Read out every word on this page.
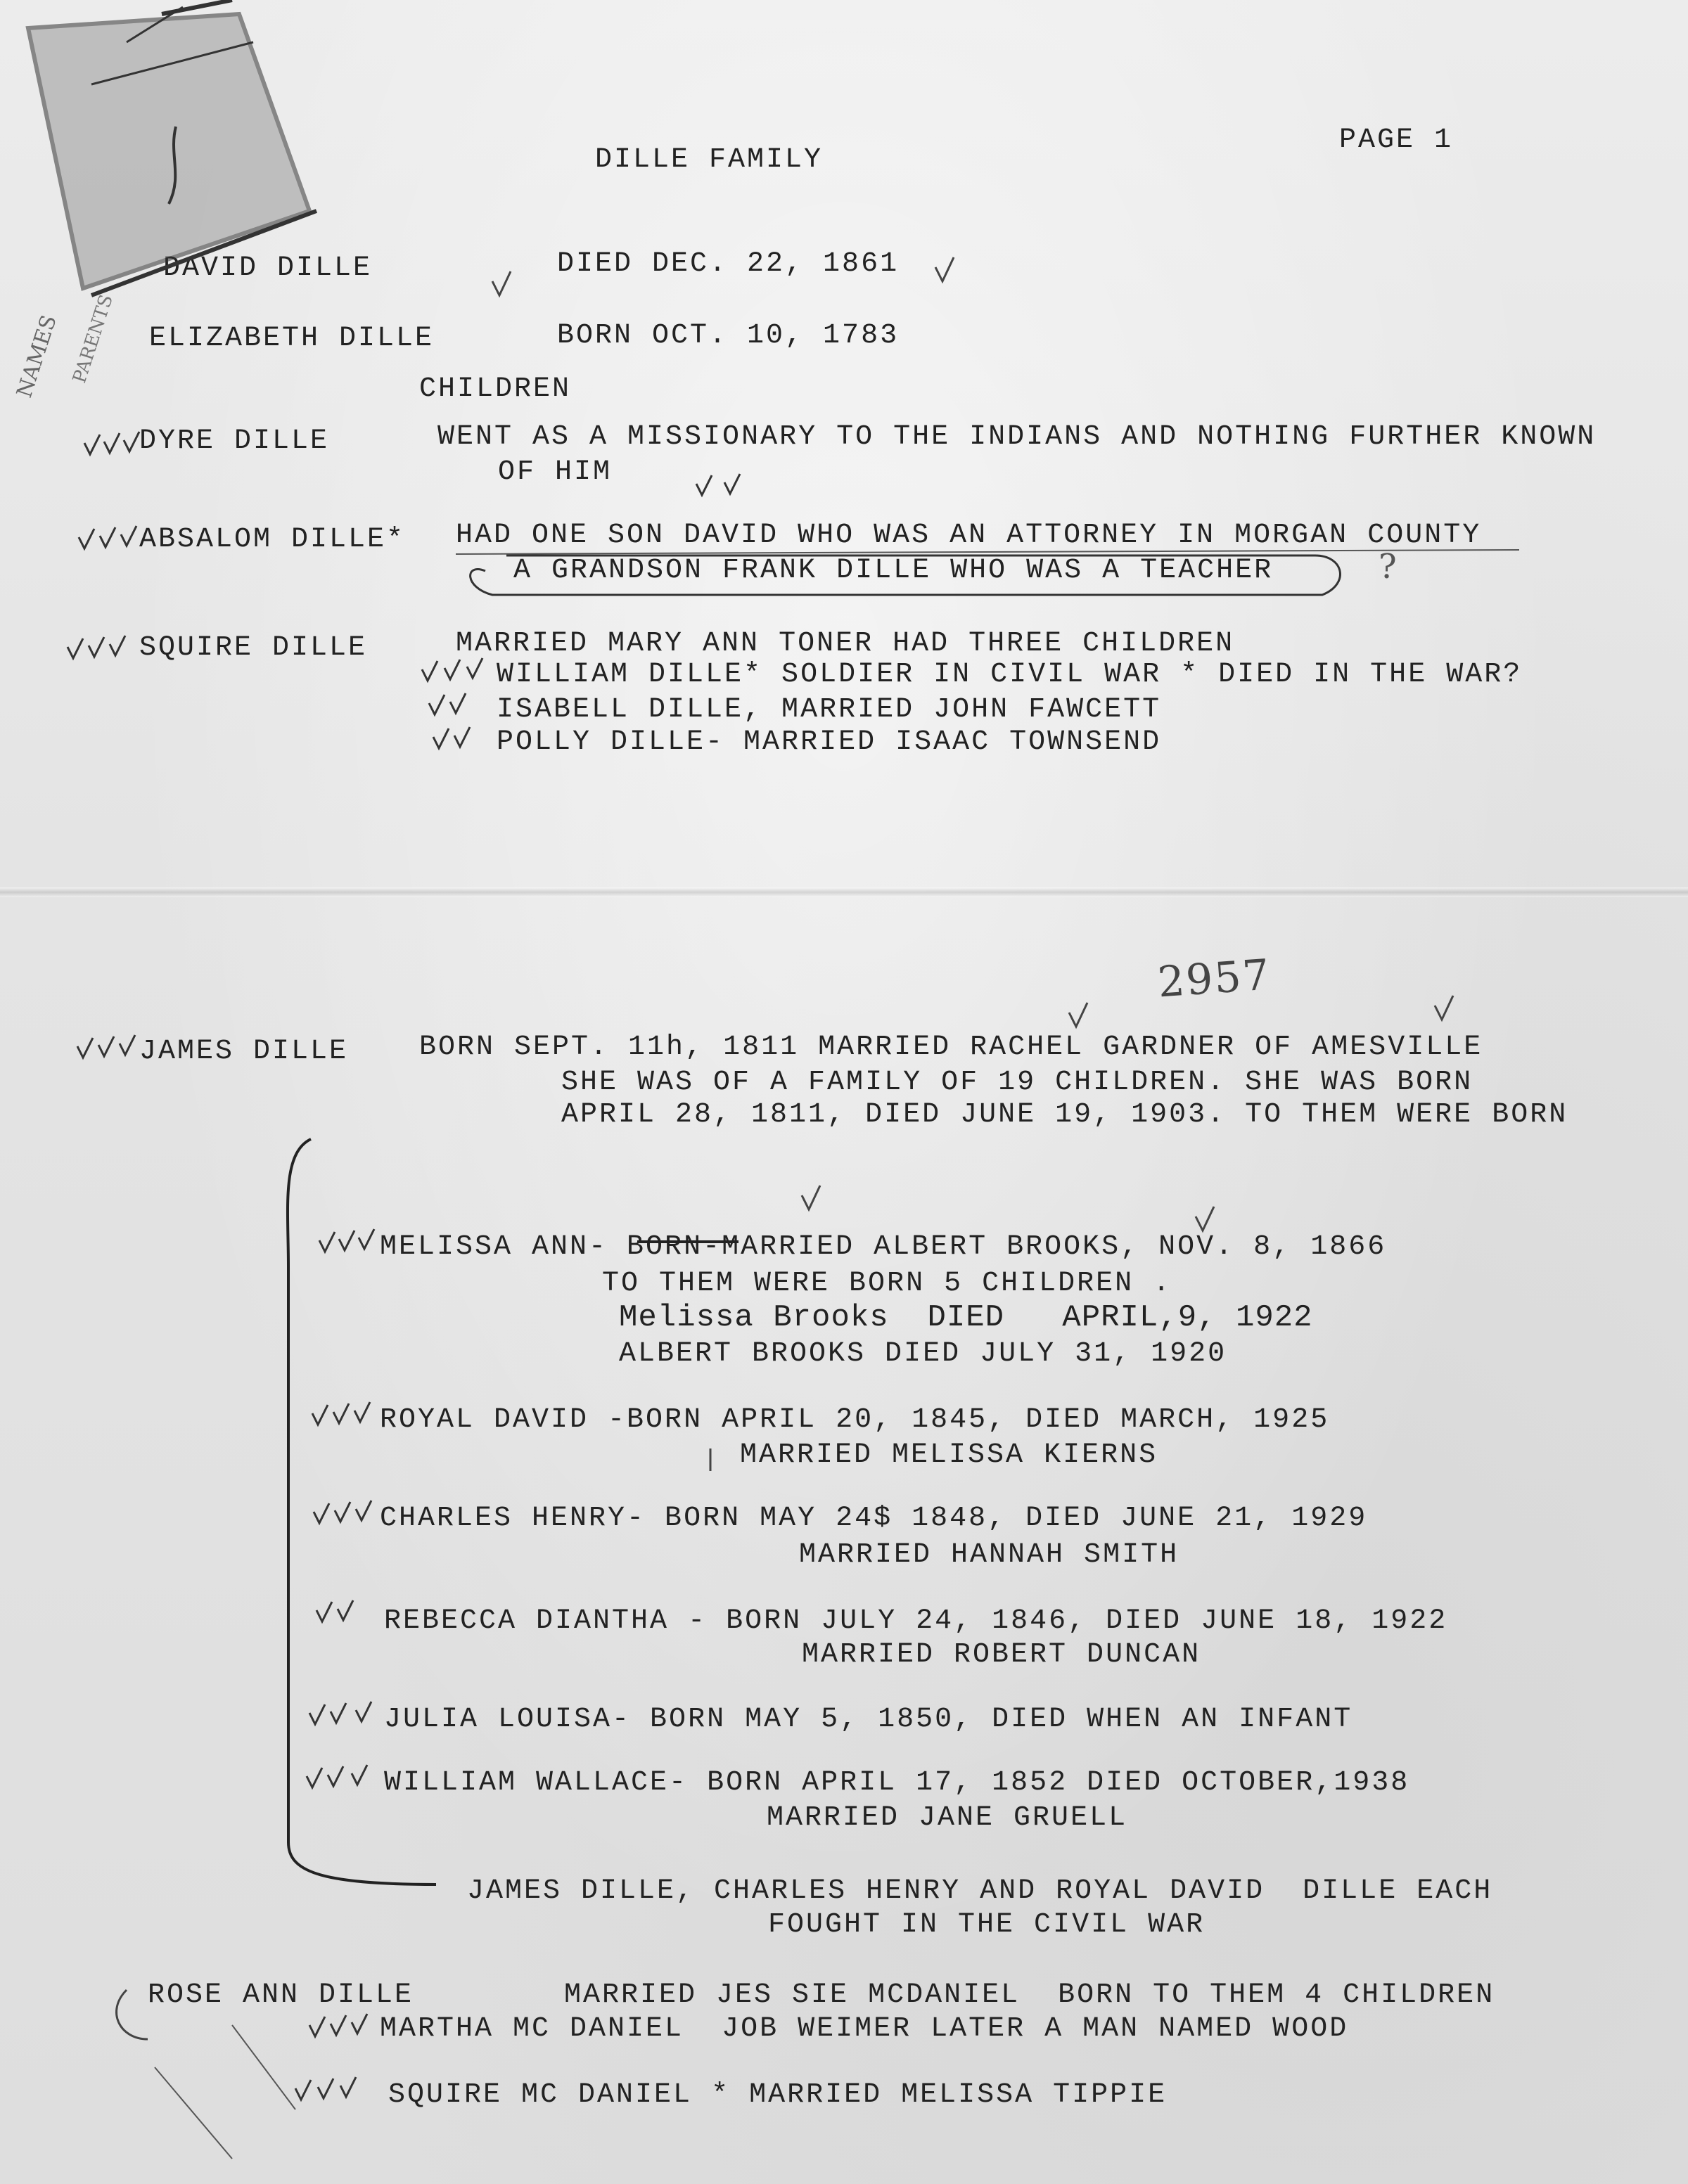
DILLE FAMILY
PAGE 1
DAVID DILLE	DIED DEC. 22, 1861
ELIZABETH DILLE	BORN OCT. 10, 1783
CHILDREN
DYRE DILLE	WENT AS A MISSIONARY TO THE INDIANS AND NOTHING FURTHER KNOWN
OF HIM
ABSALOM DILLE* HAD ONE SON DAVID WHO WAS AN ATTORNEY IN MORGAN COUNTY
A GRANDSON FRANK DILLE WHO WAS A TEACHER
SQUIRE DILLE	MARRIED MARY ANN TONER HAD THREE CHILDREN
WILLIAM DILLE* SOLDIER IN CIVIL WAR * DIED IN THE WAR?
ISABELL DILLE, MARRIED JOHN FAWCETT
POLLY DILLE- MARRIED ISAAC TOWNSEND
JAMES DILLE	BORN SEPT. 11h, 1811 MARRIED RACHEL GARDNER OF AMESVILLE
SHE WAS OF A FAMILY OF 19 CHILDREN. SHE WAS BORN
APRIL 28, 1811, DIED JUNE 19, 1903. TO THEM WERE BORN
MELISSA ANN- BORN-MARRIED ALBERT BROOKS, NOV. 8, 1866
TO THEM WERE BORN 5 CHILDREN .
Melissa Brooks  DIED   APRIL,9, 1922
ALBERT BROOKS DIED JULY 31, 1920
ROYAL DAVID -BORN APRIL 20, 1845, DIED MARCH, 1925
MARRIED MELISSA KIERNS
CHARLES HENRY- BORN MAY 24$ 1848, DIED JUNE 21, 1929
MARRIED HANNAH SMITH
REBECCA DIANTHA - BORN JULY 24, 1846, DIED JUNE 18, 1922
MARRIED ROBERT DUNCAN
JULIA LOUISA- BORN MAY 5, 1850, DIED WHEN AN INFANT
WILLIAM WALLACE- BORN APRIL 17, 1852 DIED OCTOBER,1938
MARRIED JANE GRUELL
JAMES DILLE, CHARLES HENRY AND ROYAL DAVID  DILLE EACH
FOUGHT IN THE CIVIL WAR
ROSE ANN DILLE	MARRIED JES SIE MCDANIEL  BORN TO THEM 4 CHILDREN
MARTHA MC DANIEL  JOB WEIMER LATER A MAN NAMED WOOD
SQUIRE MC DANIEL * MARRIED MELISSA TIPPIE
NAMES PARENTS
?
2957
